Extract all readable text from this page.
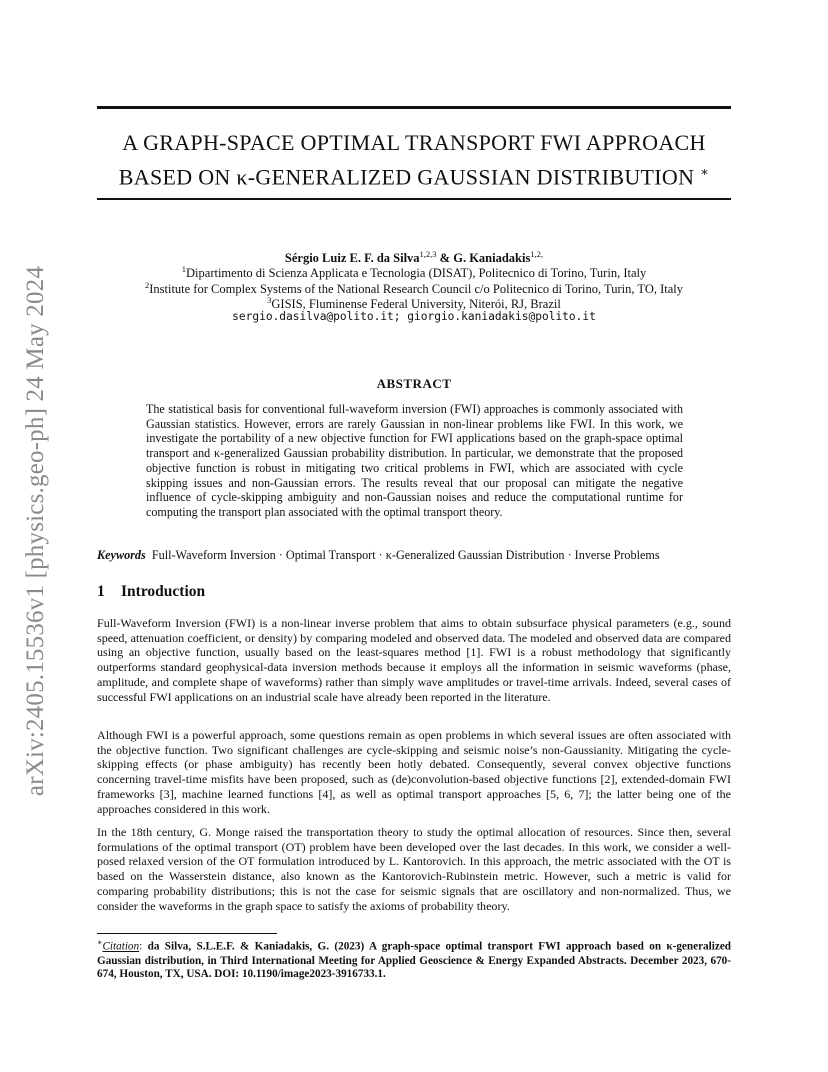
arXiv:2405.15536v1 [physics.geo-ph] 24 May 2024
A GRAPH-SPACE OPTIMAL TRANSPORT FWI APPROACH
BASED ON κ-GENERALIZED GAUSSIAN DISTRIBUTION ∗
Sérgio Luiz E. F. da Silva$^{1,2,3}$ & G. Kaniadakis$^{1,2,}$
$^1$Dipartimento di Scienza Applicata e Tecnologia (DISAT), Politecnico di Torino, Turin, Italy
$^2$Institute for Complex Systems of the National Research Council c/o Politecnico di Torino, Turin, TO, Italy
$^3$GISIS, Fluminense Federal University, Niterói, RJ, Brazil
sergio.dasilva@polito.it; giorgio.kaniadakis@polito.it
ABSTRACT
The statistical basis for conventional full-waveform inversion (FWI) approaches is commonly associated with Gaussian statistics. However, errors are rarely Gaussian in non-linear problems like FWI. In this work, we investigate the portability of a new objective function for FWI applications based on the graph-space optimal transport and κ-generalized Gaussian probability distribution. In particular, we demonstrate that the proposed objective function is robust in mitigating two critical problems in FWI, which are associated with cycle skipping issues and non-Gaussian errors. The results reveal that our proposal can mitigate the negative influence of cycle-skipping ambiguity and non-Gaussian noises and reduce the computational runtime for computing the transport plan associated with the optimal transport theory.
Keywords Full-Waveform Inversion · Optimal Transport · κ-Generalized Gaussian Distribution · Inverse Problems
1 Introduction

Full-Waveform Inversion (FWI) is a non-linear inverse problem that aims to obtain subsurface physical parameters (e.g., sound speed, attenuation coefficient, or density) by comparing modeled and observed data. The modeled and observed data are compared using an objective function, usually based on the least-squares method [1]. FWI is a robust methodology that significantly outperforms standard geophysical-data inversion methods because it employs all the information in seismic waveforms (phase, amplitude, and complete shape of waveforms) rather than simply wave amplitudes or travel-time arrivals. Indeed, several cases of successful FWI applications on an industrial scale have already been reported in the literature.

Although FWI is a powerful approach, some questions remain as open problems in which several issues are often associated with the objective function. Two significant challenges are cycle-skipping and seismic noise’s non-Gaussianity. Mitigating the cycle-skipping effects (or phase ambiguity) has recently been hotly debated. Consequently, several convex objective functions concerning travel-time misfits have been proposed, such as (de)convolution-based objective functions [2], extended-domain FWI frameworks [3], machine learned functions [4], as well as optimal transport approaches [5, 6, 7]; the latter being one of the approaches considered in this work.

In the 18th century, G. Monge raised the transportation theory to study the optimal allocation of resources. Since then, several formulations of the optimal transport (OT) problem have been developed over the last decades. In this work, we consider a well-posed relaxed version of the OT formulation introduced by L. Kantorovich. In this approach, the metric associated with the OT is based on the Wasserstein distance, also known as the Kantorovich-Rubinstein metric. However, such a metric is valid for comparing probability distributions; this is not the case for seismic signals that are oscillatory and non-normalized. Thus, we consider the waveforms in the graph space to satisfy the axioms of probability theory.

∗Citation: da Silva, S.L.E.F. & Kaniadakis, G. (2023) A graph-space optimal transport FWI approach based on κ-generalized Gaussian distribution, in Third International Meeting for Applied Geoscience & Energy Expanded Abstracts. December 2023, 670-674, Houston, TX, USA. DOI: 10.1190/image2023-3916733.1.
